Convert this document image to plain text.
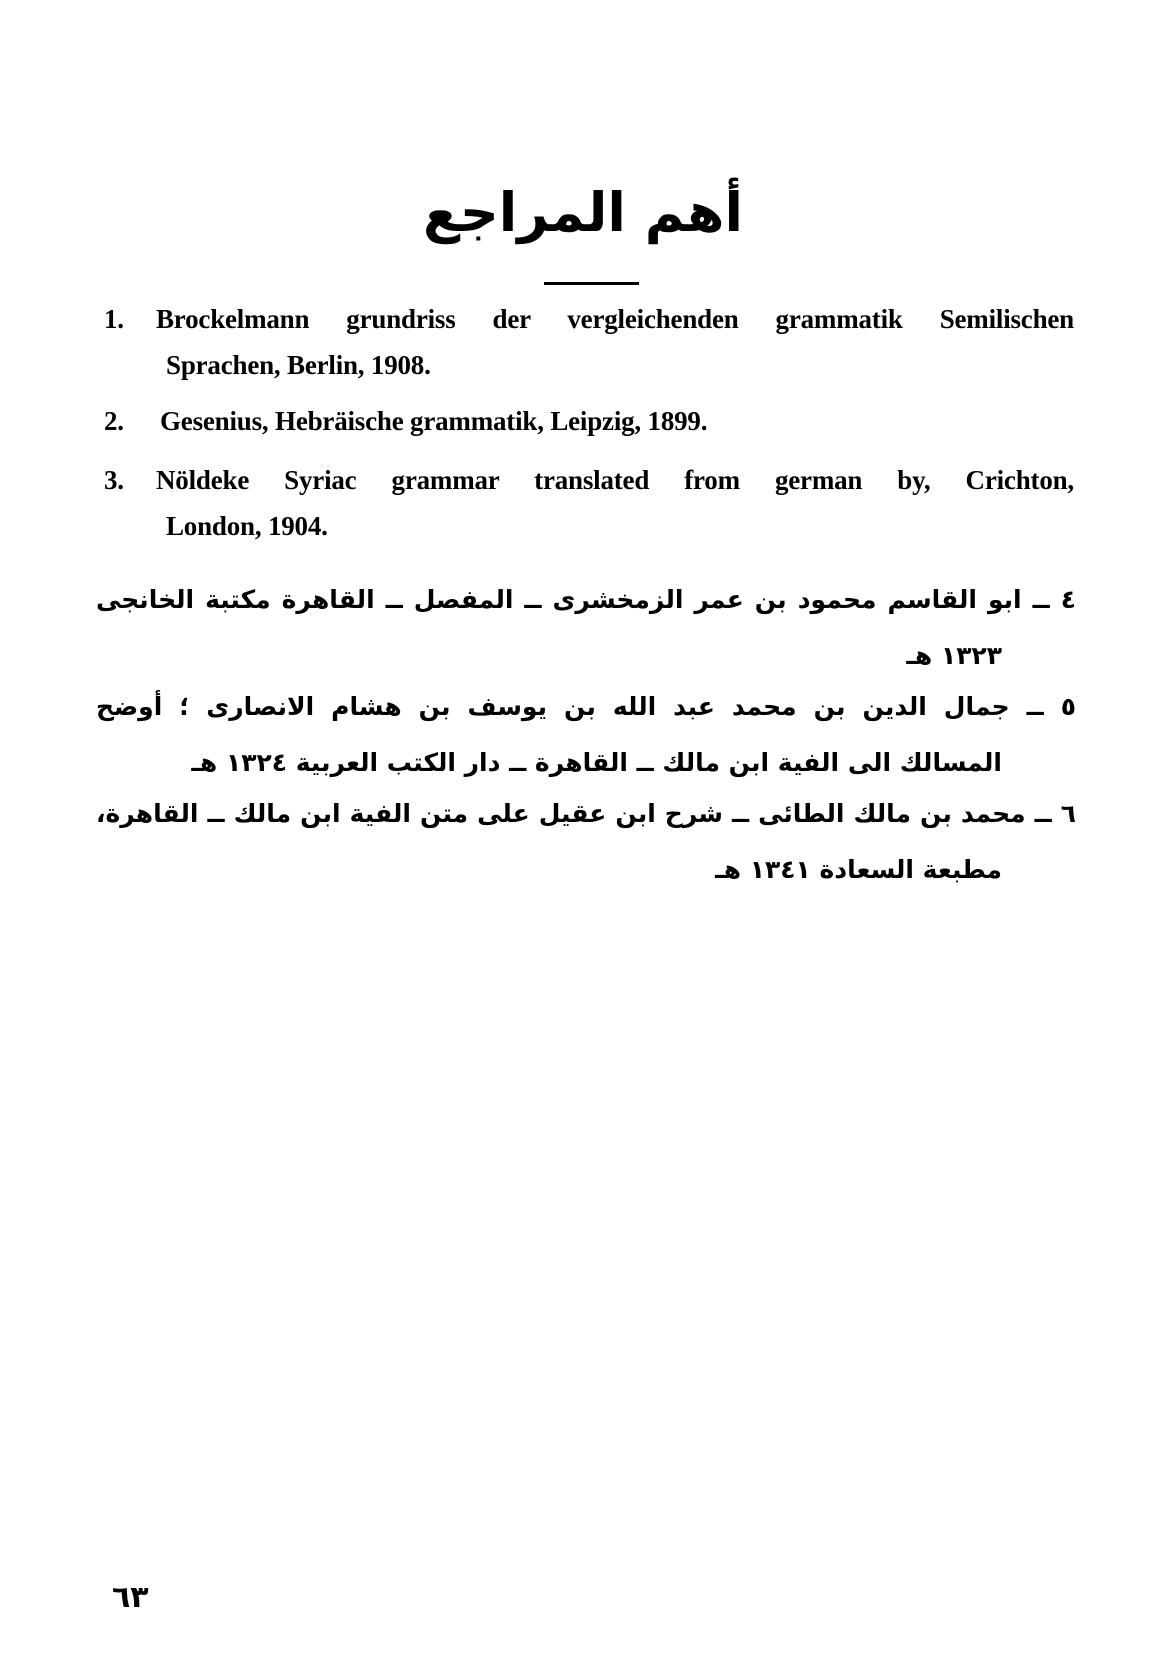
أهم المراجع
1.	Brockelmann grundriss der vergleichenden grammatik Semilischen
Sprachen, Berlin, 1908.
2.	Gesenius, Hebräische grammatik, Leipzig, 1899.
3.	Nöldeke Syriac grammar translated from german by, Crichton,
London, 1904.
٤ ــ ابو القاسم محمود بن عمر الزمخشرى ــ المفصل ــ القاهرة مكتبة الخانجى
١٣٢٣ هـ
٥ ــ جمال الدين بن محمد عبد الله بن يوسف بن هشام الانصارى ؛ أوضح
المسالك الى الفية ابن مالك ــ القاهرة ــ دار الكتب العربية ١٣٢٤ هـ
٦ ــ محمد بن مالك الطائى ــ شرح ابن عقيل على متن الفية ابن مالك ــ القاهرة،
مطبعة السعادة ١٣٤١ هـ
٦٣
